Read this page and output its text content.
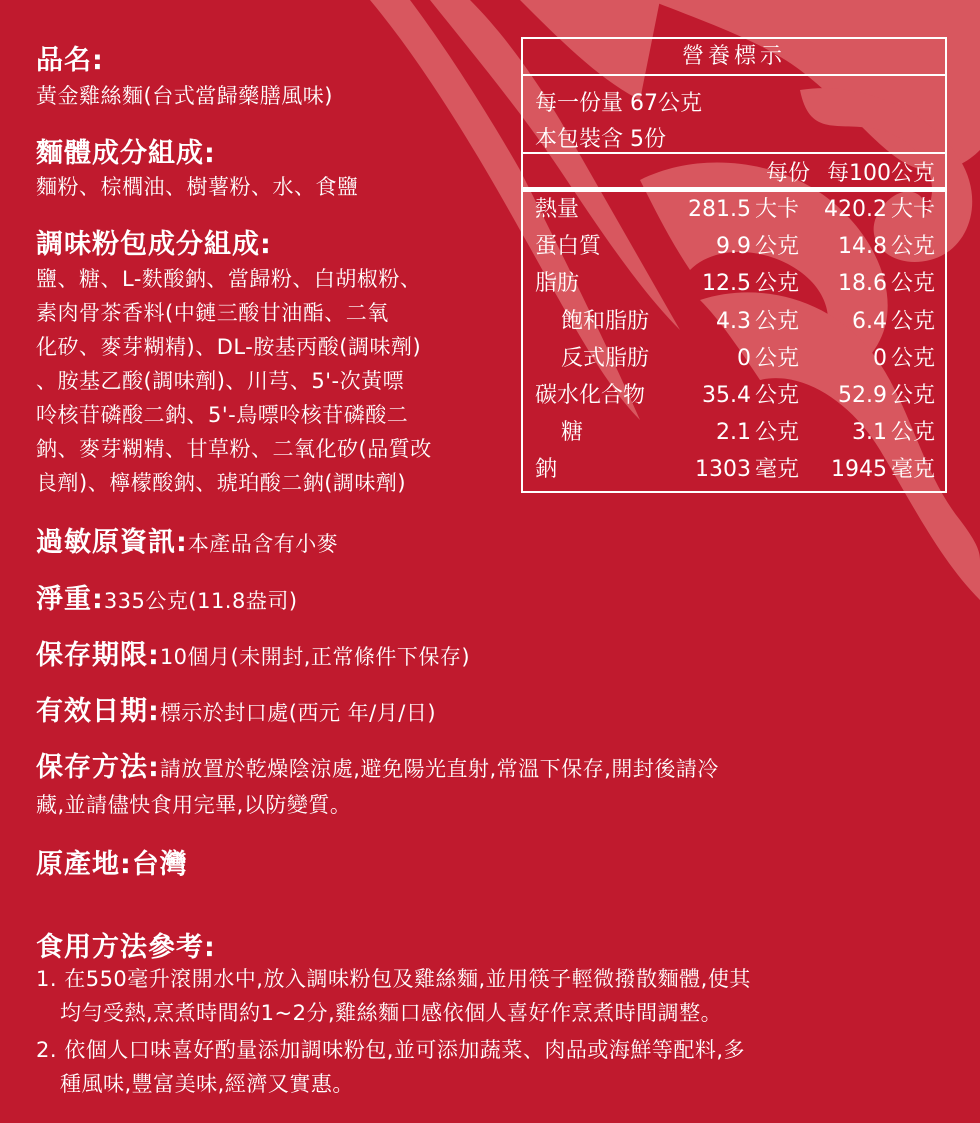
品名:
黃金雞絲麵(台式當歸藥膳風味)
麵體成分組成:
麵粉、棕櫚油、樹薯粉、水、食鹽
調味粉包成分組成:
鹽、糖、L-麩酸鈉、當歸粉、白胡椒粉、
素肉骨茶香料(中鏈三酸甘油酯、二氧
化矽、麥芽糊精)、DL-胺基丙酸(調味劑)
、胺基乙酸(調味劑)、川芎、5'-次黃嘌
呤核苷磷酸二鈉、5'-鳥嘌呤核苷磷酸二
鈉、麥芽糊精、甘草粉、二氧化矽(品質改
良劑)、檸檬酸鈉、琥珀酸二鈉(調味劑)
營養標示
每一份量 67公克
本包裝含 5份
每份 每100公克
熱量	281.5 大卡 420.2 大卡
蛋白質	9.9 公克 14.8 公克
脂肪	12.5 公克 18.6 公克
飽和脂肪	4.3 公克 6.4 公克
反式脂肪	0 公克	0 公克
碳水化合物	35.4 公克 52.9 公克
糖	2.1 公克 3.1 公克
鈉	1303 毫克 1945 毫克
過敏原資訊:本產品含有小麥
淨重:335公克(11.8盎司)
保存期限:10個月(未開封,正常條件下保存)
有效日期:標示於封口處(西元 年/月/日)
保存方法:請放置於乾燥陰涼處,避免陽光直射,常溫下保存,開封後請冷
藏,並請儘快食用完畢,以防變質。
原產地:台灣
食用方法參考:
1. 在550毫升滾開水中,放入調味粉包及雞絲麵,並用筷子輕微撥散麵體,使其
均勻受熱,烹煮時間約1~2分,雞絲麵口感依個人喜好作烹煮時間調整。
2. 依個人口味喜好酌量添加調味粉包,並可添加蔬菜、肉品或海鮮等配料,多
種風味,豐富美味,經濟又實惠。
